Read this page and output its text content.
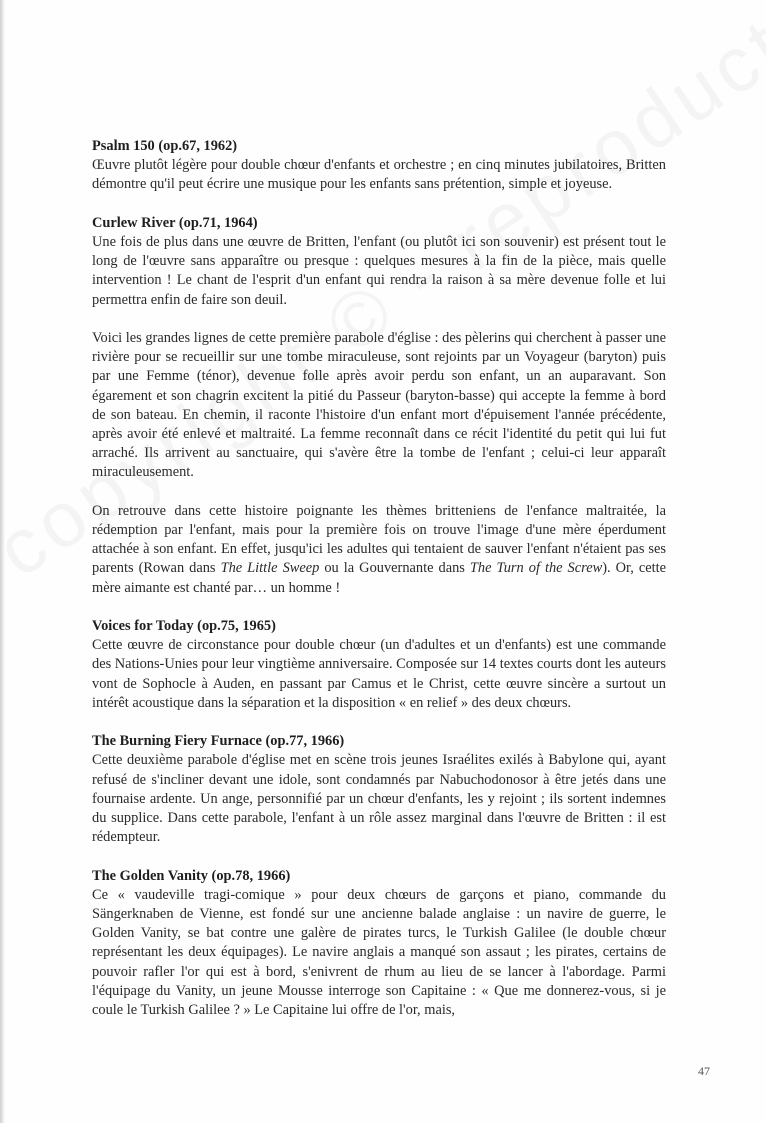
Psalm 150 (op.67, 1962)

Œuvre plutôt légère pour double chœur d'enfants et orchestre ; en cinq minutes jubilatoires, Britten démontre qu'il peut écrire une musique pour les enfants sans prétention, simple et joyeuse.

Curlew River (op.71, 1964)

Une fois de plus dans une œuvre de Britten, l'enfant (ou plutôt ici son souvenir) est présent tout le long de l'œuvre sans apparaître ou presque : quelques mesures à la fin de la pièce, mais quelle intervention ! Le chant de l'esprit d'un enfant qui rendra la raison à sa mère devenue folle et lui permettra enfin de faire son deuil.

Voici les grandes lignes de cette première parabole d'église : des pèlerins qui cherchent à passer une rivière pour se recueillir sur une tombe miraculeuse, sont rejoints par un Voyageur (baryton) puis par une Femme (ténor), devenue folle après avoir perdu son enfant, un an auparavant. Son égarement et son chagrin excitent la pitié du Passeur (baryton-basse) qui accepte la femme à bord de son bateau. En chemin, il raconte l'histoire d'un enfant mort d'épuisement l'année précédente, après avoir été enlevé et maltraité. La femme reconnaît dans ce récit l'identité du petit qui lui fut arraché. Ils arrivent au sanctuaire, qui s'avère être la tombe de l'enfant ; celui-ci leur apparaît miraculeusement.

On retrouve dans cette histoire poignante les thèmes britteniens de l'enfance maltraitée, la rédemption par l'enfant, mais pour la première fois on trouve l'image d'une mère éperdument attachée à son enfant. En effet, jusqu'ici les adultes qui tentaient de sauver l'enfant n'étaient pas ses parents (Rowan dans The Little Sweep ou la Gouvernante dans The Turn of the Screw). Or, cette mère aimante est chanté par… un homme !

Voices for Today (op.75, 1965)

Cette œuvre de circonstance pour double chœur (un d'adultes et un d'enfants) est une commande des Nations-Unies pour leur vingtième anniversaire. Composée sur 14 textes courts dont les auteurs vont de Sophocle à Auden, en passant par Camus et le Christ, cette œuvre sincère a surtout un intérêt acoustique dans la séparation et la disposition « en relief » des deux chœurs.

The Burning Fiery Furnace (op.77, 1966)

Cette deuxième parabole d'église met en scène trois jeunes Israélites exilés à Babylone qui, ayant refusé de s'incliner devant une idole, sont condamnés par Nabuchodonosor à être jetés dans une fournaise ardente. Un ange, personnifié par un chœur d'enfants, les y rejoint ; ils sortent indemnes du supplice. Dans cette parabole, l'enfant à un rôle assez marginal dans l'œuvre de Britten : il est rédempteur.

The Golden Vanity (op.78, 1966)

Ce « vaudeville tragi-comique » pour deux chœurs de garçons et piano, commande du Sängerknaben de Vienne, est fondé sur une ancienne balade anglaise : un navire de guerre, le Golden Vanity, se bat contre une galère de pirates turcs, le Turkish Galilee (le double chœur représentant les deux équipages). Le navire anglais a manqué son assaut ; les pirates, certains de pouvoir rafler l'or qui est à bord, s'enivrent de rhum au lieu de se lancer à l'abordage. Parmi l'équipage du Vanity, un jeune Mousse interroge son Capitaine : « Que me donnerez-vous, si je coule le Turkish Galilee ? » Le Capitaine lui offre de l'or, mais,

47
